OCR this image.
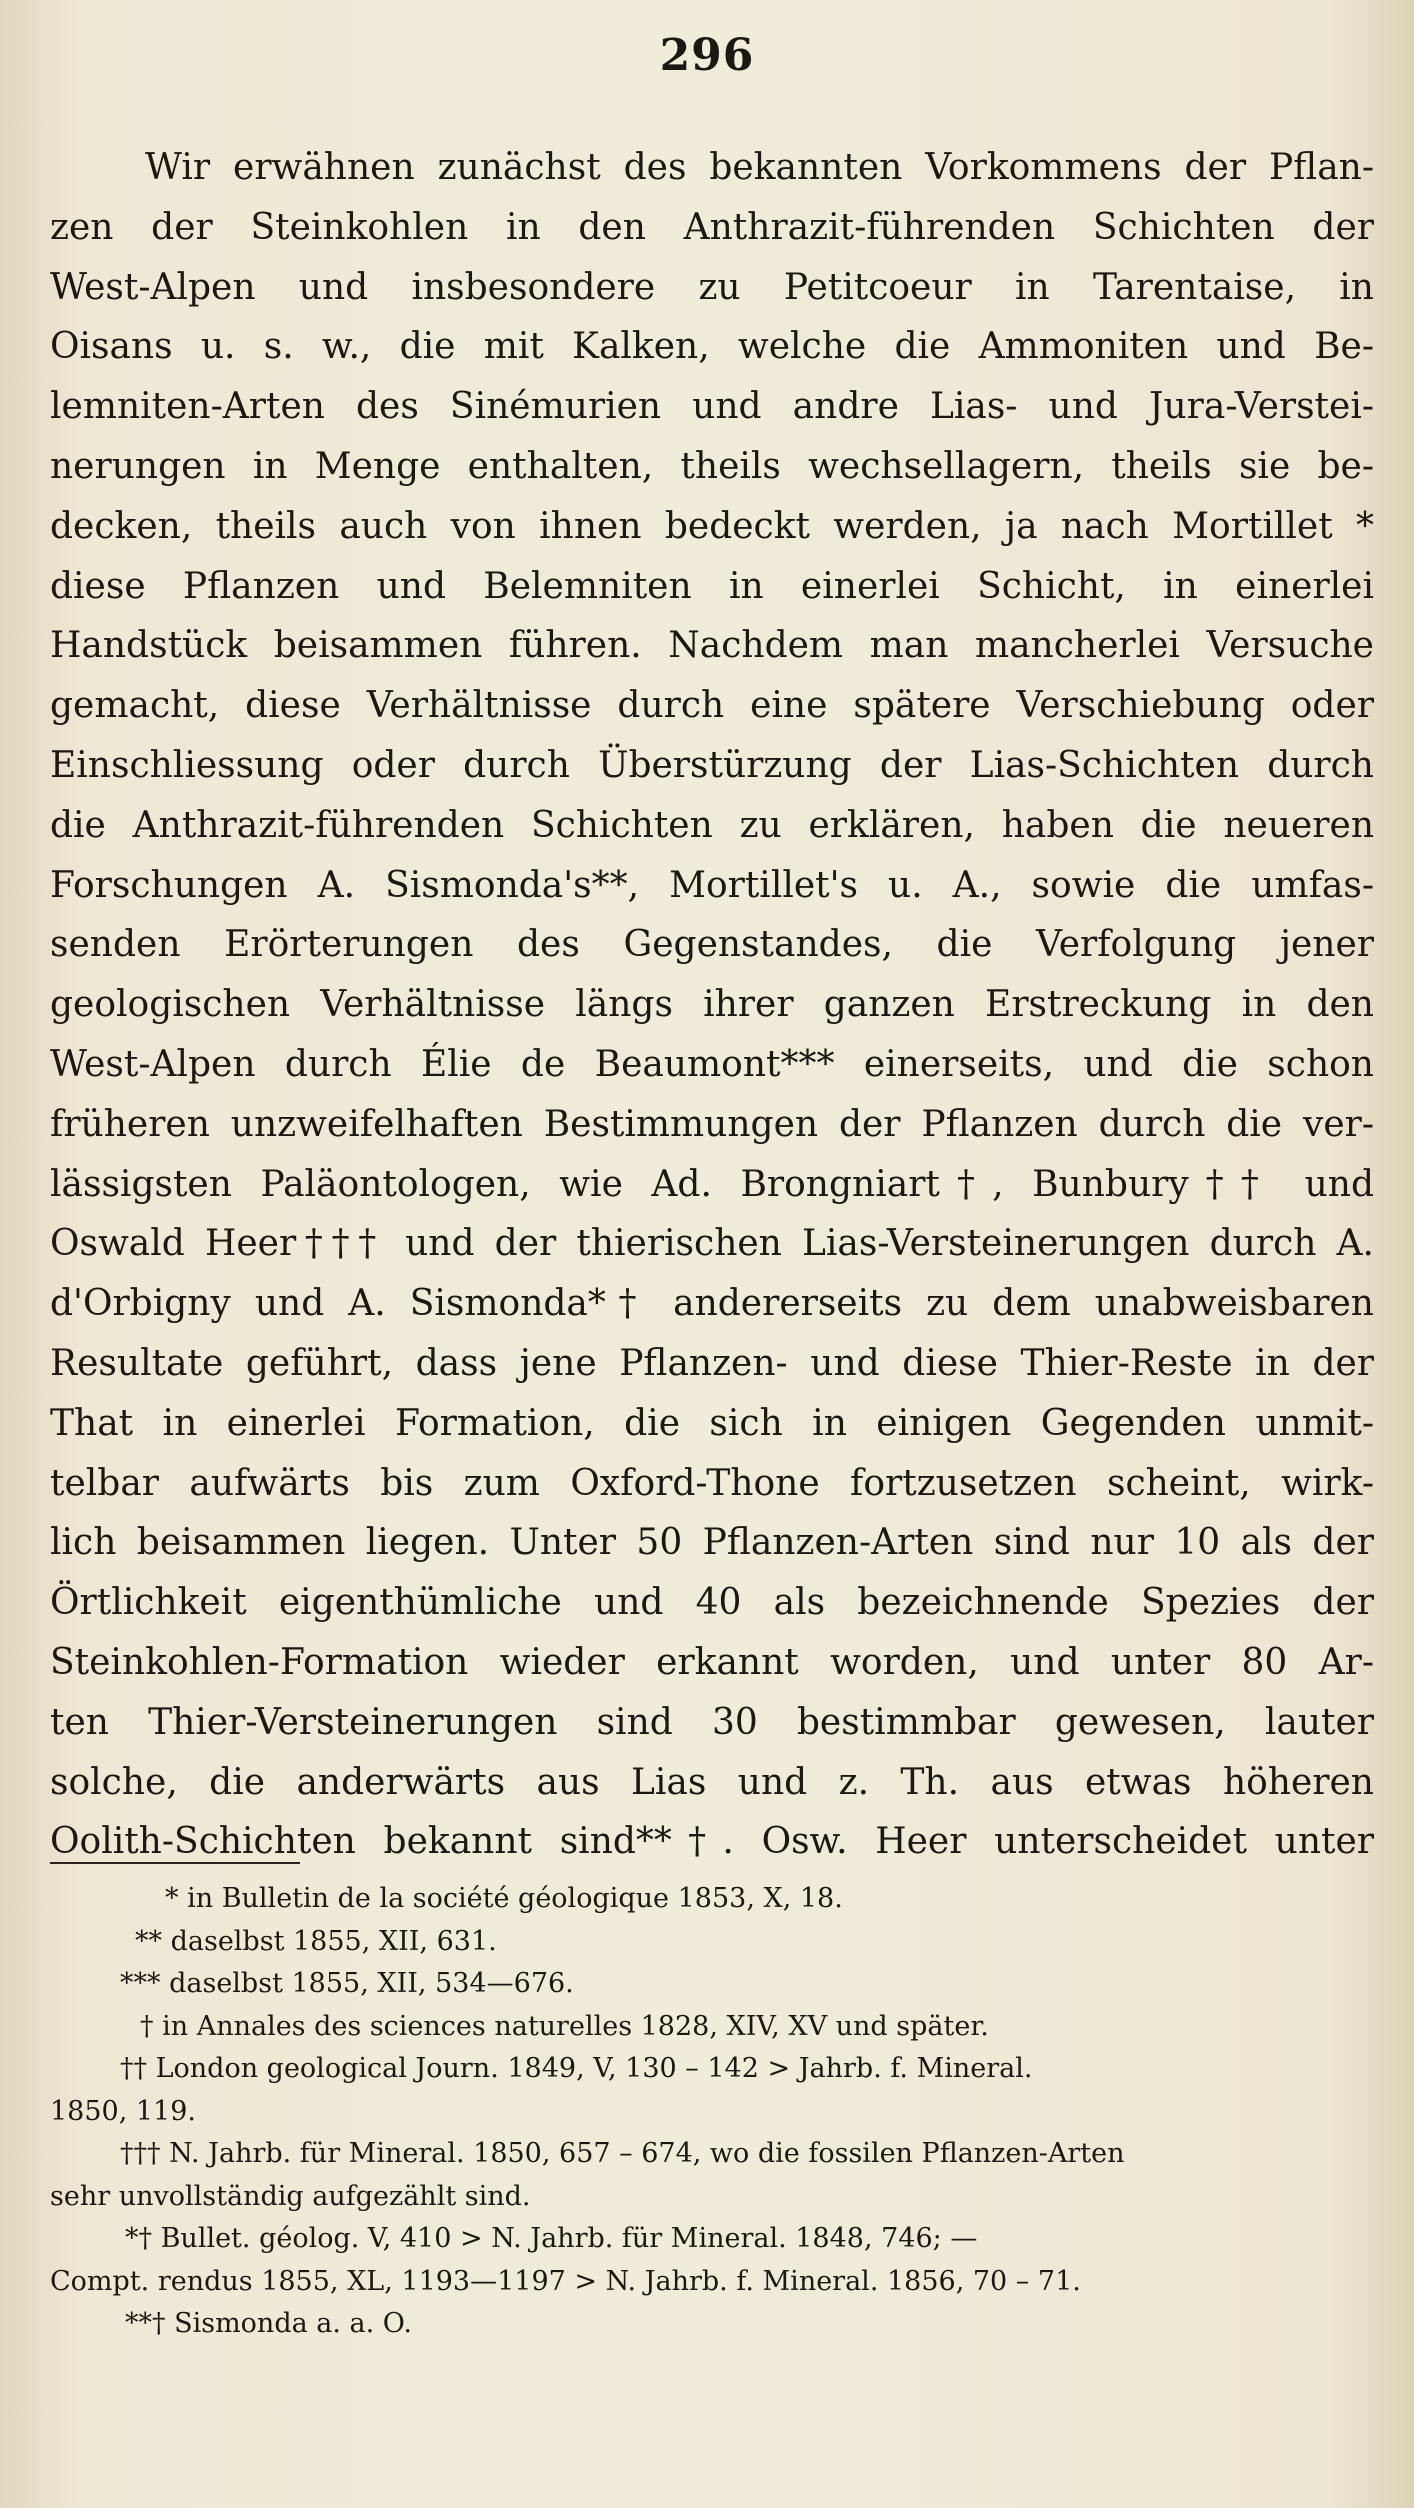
296
Wir erwähnen zunächst des bekannten Vorkommens der Pflan-
zen der Steinkohlen in den Anthrazit-führenden Schichten der
West-Alpen und insbesondere zu Petitcoeur in Tarentaise, in
Oisans u. s. w., die mit Kalken, welche die Ammoniten und Be-
lemniten-Arten des Sinémurien und andre Lias- und Jura-Verstei-
nerungen in Menge enthalten, theils wechsellagern, theils sie be-
decken, theils auch von ihnen bedeckt werden, ja nach Mortillet *
diese Pflanzen und Belemniten in einerlei Schicht, in einerlei
Handstück beisammen führen. Nachdem man mancherlei Versuche
gemacht, diese Verhältnisse durch eine spätere Verschiebung oder
Einschliessung oder durch Überstürzung der Lias-Schichten durch
die Anthrazit-führenden Schichten zu erklären, haben die neueren
Forschungen A. Sismonda's**, Mortillet's u. A., sowie die umfas-
senden Erörterungen des Gegenstandes, die Verfolgung jener
geologischen Verhältnisse längs ihrer ganzen Erstreckung in den
West-Alpen durch Élie de Beaumont*** einerseits, und die schon
früheren unzweifelhaften Bestimmungen der Pflanzen durch die ver-
lässigsten Paläontologen, wie Ad. Brongniart†, Bunbury†† und
Oswald Heer††† und der thierischen Lias-Versteinerungen durch A.
d'Orbigny und A. Sismonda*† andererseits zu dem unabweisbaren
Resultate geführt, dass jene Pflanzen- und diese Thier-Reste in der
That in einerlei Formation, die sich in einigen Gegenden unmit-
telbar aufwärts bis zum Oxford-Thone fortzusetzen scheint, wirk-
lich beisammen liegen. Unter 50 Pflanzen-Arten sind nur 10 als der
Örtlichkeit eigenthümliche und 40 als bezeichnende Spezies der
Steinkohlen-Formation wieder erkannt worden, und unter 80 Ar-
ten Thier-Versteinerungen sind 30 bestimmbar gewesen, lauter
solche, die anderwärts aus Lias und z. Th. aus etwas höheren
Oolith-Schichten bekannt sind**†. Osw. Heer unterscheidet unter
* in Bulletin de la société géologique 1853, X, 18.
** daselbst 1855, XII, 631.
*** daselbst 1855, XII, 534—676.
† in Annales des sciences naturelles 1828, XIV, XV und später.
†† London geological Journ. 1849, V, 130 – 142 > Jahrb. f. Mineral.
1850, 119.
††† N. Jahrb. für Mineral. 1850, 657 – 674, wo die fossilen Pflanzen-Arten
sehr unvollständig aufgezählt sind.
*† Bullet. géolog. V, 410 > N. Jahrb. für Mineral. 1848, 746; —
Compt. rendus 1855, XL, 1193—1197 > N. Jahrb. f. Mineral. 1856, 70 – 71.
**† Sismonda a. a. O.
